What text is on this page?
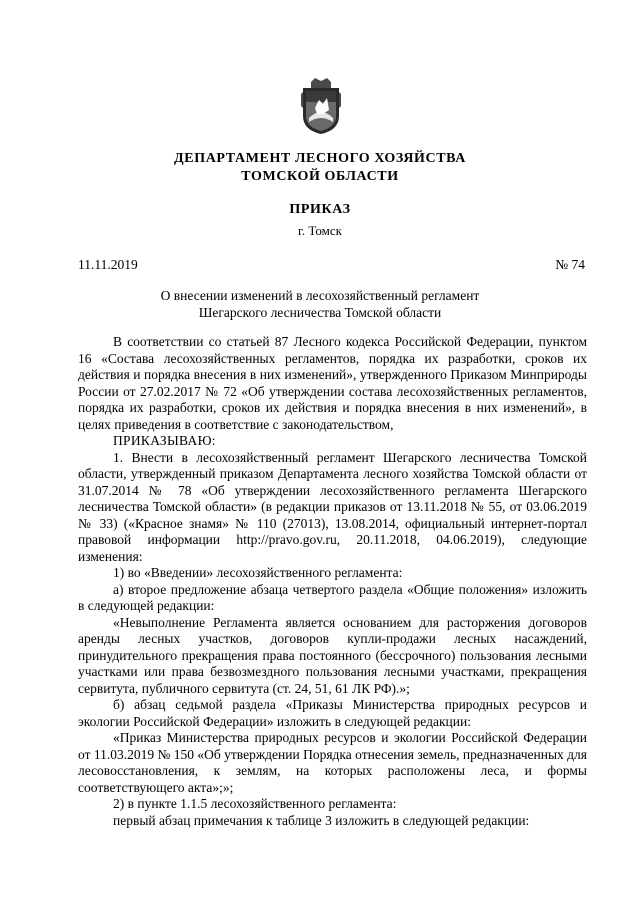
ДЕПАРТАМЕНТ ЛЕСНОГО ХОЗЯЙСТВА
ТОМСКОЙ ОБЛАСТИ
ПРИКАЗ
г. Томск
11.11.2019	№ 74
О внесении изменений в лесохозяйственный регламент
Шегарского лесничества Томской области

В соответствии со статьей 87 Лесного кодекса Российской Федерации, пунктом 16 «Состава лесохозяйственных регламентов, порядка их разработки, сроков их действия и порядка внесения в них изменений», утвержденного Приказом Минприроды России от 27.02.2017 № 72 «Об утверждении состава лесохозяйственных регламентов, порядка их разработки, сроков их действия и порядка внесения в них изменений», в целях приведения в соответствие с законодательством,

ПРИКАЗЫВАЮ:

1. Внести в лесохозяйственный регламент Шегарского лесничества Томской области, утвержденный приказом Департамента лесного хозяйства Томской области от 31.07.2014 № 78 «Об утверждении лесохозяйственного регламента Шегарского лесничества Томской области» (в редакции приказов от 13.11.2018 № 55, от 03.06.2019 № 33) («Красное знамя» № 110 (27013), 13.08.2014, официальный интернет-портал правовой информации http://pravo.gov.ru, 20.11.2018, 04.06.2019), следующие изменения:

1) во «Введении» лесохозяйственного регламента:

а) второе предложение абзаца четвертого раздела «Общие положения» изложить в следующей редакции:

«Невыполнение Регламента является основанием для расторжения договоров аренды лесных участков, договоров купли-продажи лесных насаждений, принудительного прекращения права постоянного (бессрочного) пользования лесными участками или права безвозмездного пользования лесными участками, прекращения сервитута, публичного сервитута (ст. 24, 51, 61 ЛК РФ).»;

б) абзац седьмой раздела «Приказы Министерства природных ресурсов и экологии Российской Федерации» изложить в следующей редакции:

«Приказ Министерства природных ресурсов и экологии Российской Федерации от 11.03.2019 № 150 «Об утверждении Порядка отнесения земель, предназначенных для лесовосстановления, к землям, на которых расположены леса, и формы соответствующего акта»;»;

2) в пункте 1.1.5 лесохозяйственного регламента:

первый абзац примечания к таблице 3 изложить в следующей редакции:
